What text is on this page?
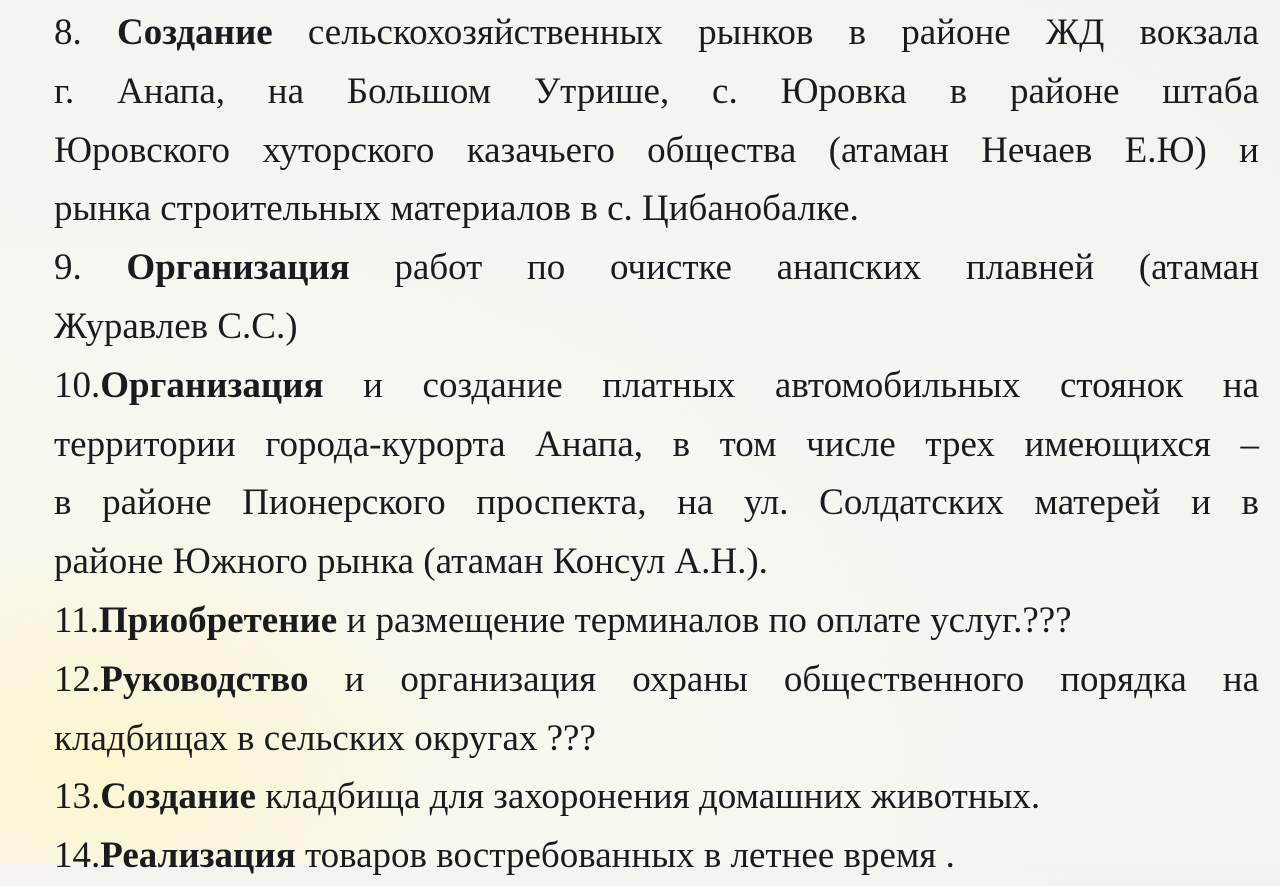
8. Создание сельскохозяйственных рынков в районе ЖД вокзала
г. Анапа, на Большом Утрише, с. Юровка в районе штаба
Юровского хуторского казачьего общества (атаман Нечаев Е.Ю) и
рынка строительных материалов в с. Цибанобалке.
9. Организация работ по очистке анапских плавней (атаман
Журавлев С.С.)
10.Организация и создание платных автомобильных стоянок на
территории города-курорта Анапа, в том числе трех имеющихся –
в районе Пионерского проспекта, на ул. Солдатских матерей и в
районе Южного рынка (атаман Консул А.Н.).
11.Приобретение и размещение терминалов по оплате услуг.???
12.Руководство и организация охраны общественного порядка на
кладбищах в сельских округах ???
13.Создание кладбища для захоронения домашних животных.
14.Реализация товаров востребованных в летнее время .
